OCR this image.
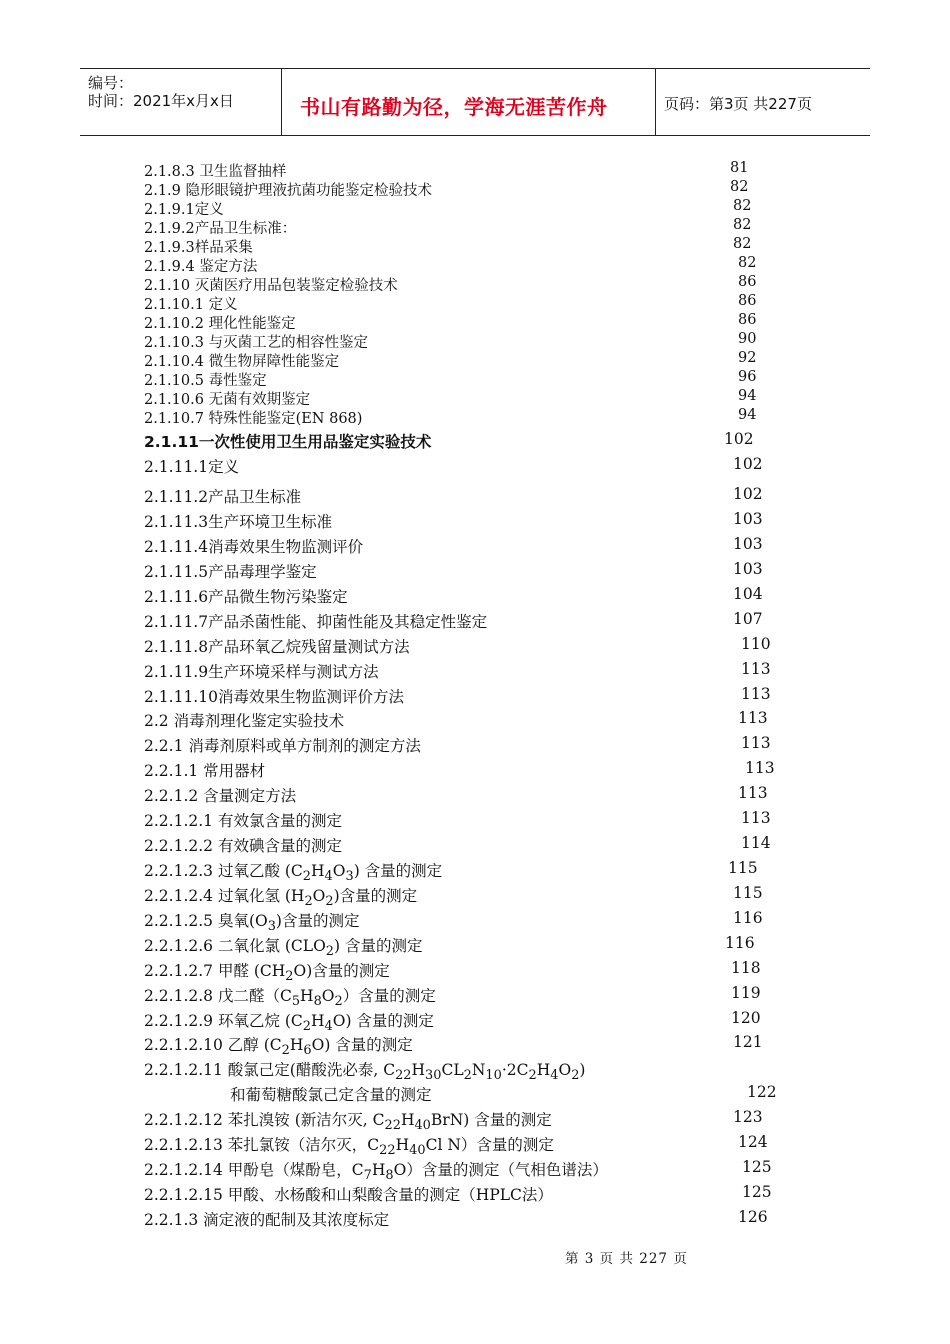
编号：
时间：2021年x月x日	书山有路勤为径，学海无涯苦作舟	页码：第3页 共227页
2.1.8.3 卫生监督抽样	81
2.1.9 隐形眼镜护理液抗菌功能鉴定检验技术	82
2.1.9.1定义	82
2.1.9.2产品卫生标准：	82
2.1.9.3样品采集	82
2.1.9.4 鉴定方法	82
2.1.10 灭菌医疗用品包装鉴定检验技术	86
2.1.10.1 定义	86
2.1.10.2 理化性能鉴定	86
2.1.10.3 与灭菌工艺的相容性鉴定	90
2.1.10.4 微生物屏障性能鉴定	92
2.1.10.5 毒性鉴定	96
2.1.10.6 无菌有效期鉴定	94
2.1.10.7 特殊性能鉴定(EN 868)	94
2.1.11一次性使用卫生用品鉴定实验技术	102
2.1.11.1定义	102
2.1.11.2产品卫生标准	102
2.1.11.3生产环境卫生标准	103
2.1.11.4消毒效果生物监测评价	103
2.1.11.5产品毒理学鉴定	103
2.1.11.6产品微生物污染鉴定	104
2.1.11.7产品杀菌性能、抑菌性能及其稳定性鉴定	107
2.1.11.8产品环氧乙烷残留量测试方法	110
2.1.11.9生产环境采样与测试方法	113
2.1.11.10消毒效果生物监测评价方法	113
2.2 消毒剂理化鉴定实验技术	113
2.2.1 消毒剂原料或单方制剂的测定方法	113
2.2.1.1 常用器材	113
2.2.1.2 含量测定方法	113
2.2.1.2.1 有效氯含量的测定	113
2.2.1.2.2 有效碘含量的测定	114
2.2.1.2.3 过氧乙酸 $(C_2H_4O_3)$ 含量的测定	115
2.2.1.2.4 过氧化氢 $(H_2O_2)$含量的测定	115
2.2.1.2.5 臭氧$(O_3)$含量的测定	116
2.2.1.2.6 二氧化氯 $(CLO_2)$ 含量的测定	116
2.2.1.2.7 甲醛 $(CH_2O)$含量的测定	118
2.2.1.2.8 戊二醛$(C_5H_8O_2)$含量的测定	119
2.2.1.2.9 环氧乙烷 $(C_2H_4O)$ 含量的测定	120
2.2.1.2.10 乙醇 $(C_2H_6O)$ 含量的测定	121
2.2.1.2.11 酸氯己定(醋酸洗必泰, $C_{22}H_{30}CL_2N_{10}\cdot 2C_2H_4O_2$)
和葡萄糖酸氯己定含量的测定	122
2.2.1.2.12 苯扎溴铵 (新洁尔灭, $C_{22}H_{40}BrN$) 含量的测定	123
2.2.1.2.13 苯扎氯铵（洁尔灭，$C_{22}H_{40}Cl$ N）含量的测定	124
2.2.1.2.14 甲酚皂（煤酚皂，$C_7H_8O$）含量的测定（气相色谱法）	125
2.2.1.2.15 甲酸、水杨酸和山梨酸含量的测定（HPLC法）	125
2.2.1.3 滴定液的配制及其浓度标定	126
第 3 页 共 227 页
